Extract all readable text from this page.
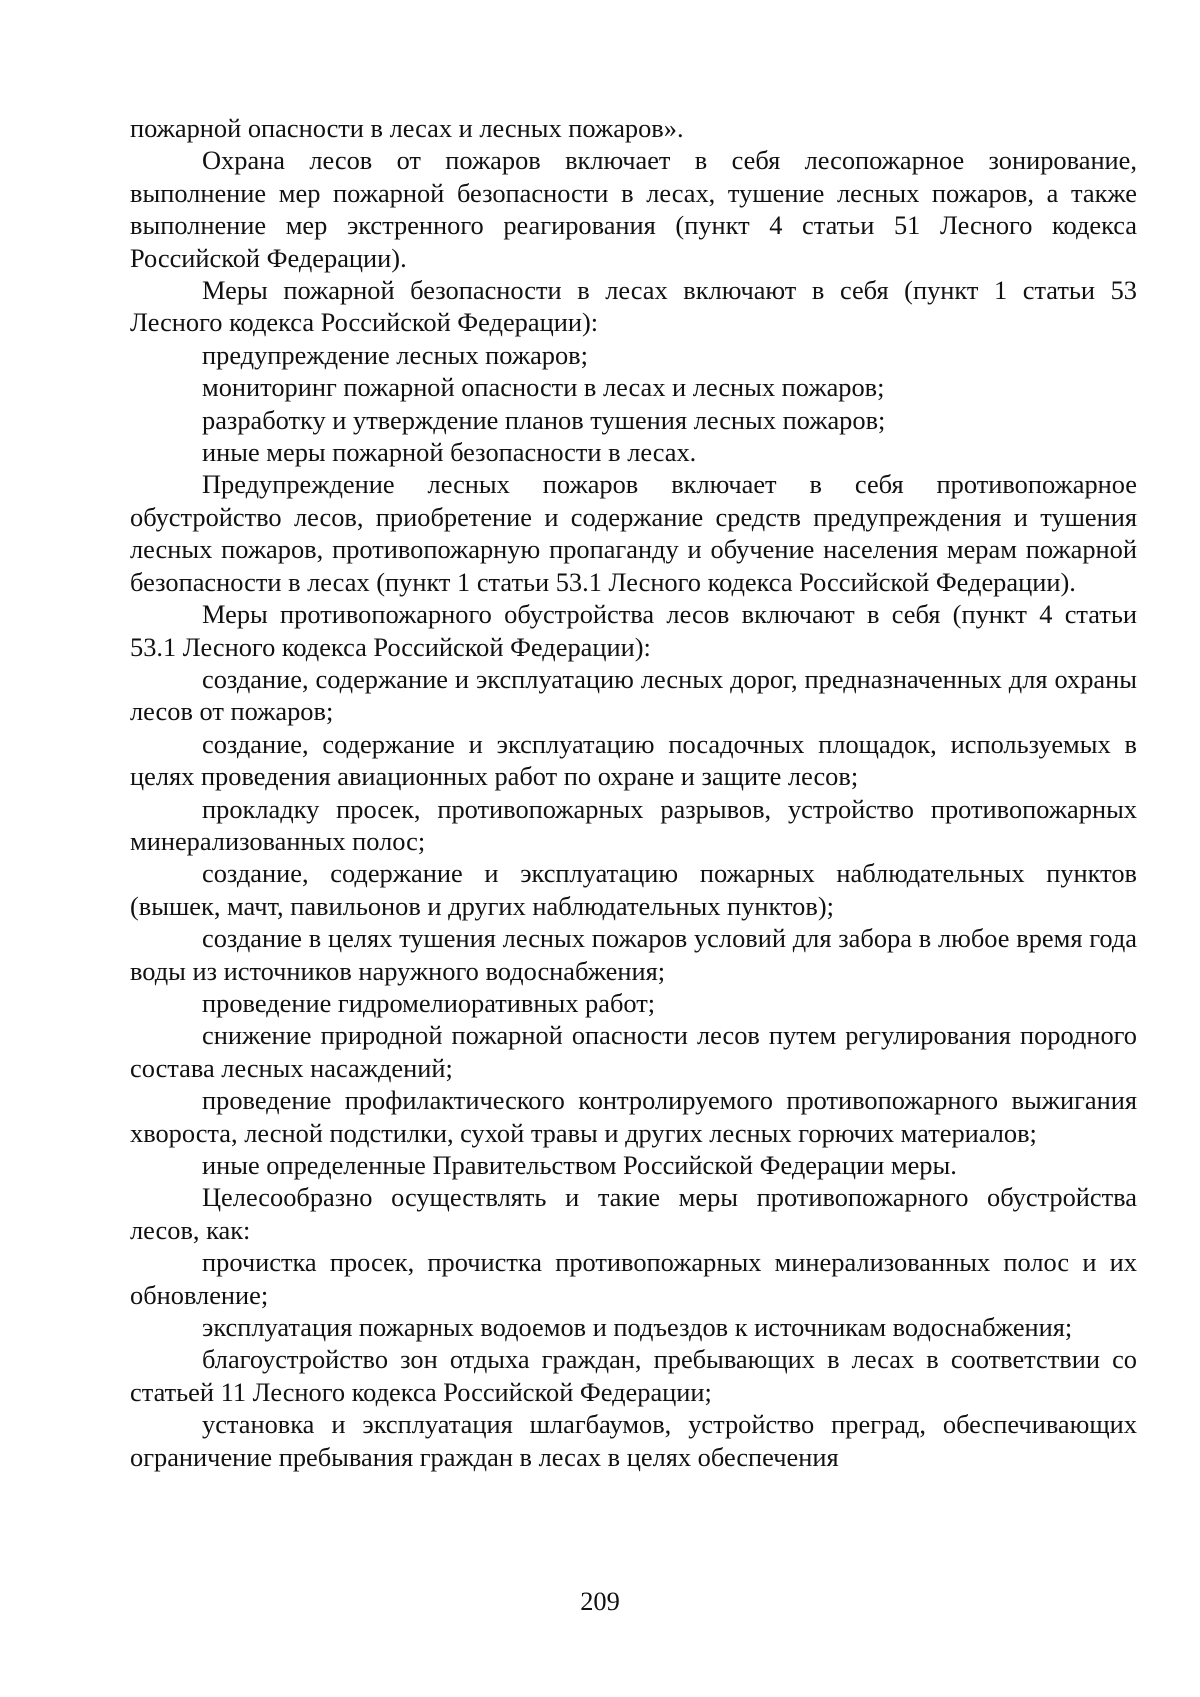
пожарной опасности в лесах и лесных пожаров».

Охрана лесов от пожаров включает в себя лесопожарное зонирование, выполнение мер пожарной безопасности в лесах, тушение лесных пожаров, а также выполнение мер экстренного реагирования (пункт 4 статьи 51 Лесного кодекса Российской Федерации).

Меры пожарной безопасности в лесах включают в себя (пункт 1 статьи 53 Лесного кодекса Российской Федерации):

предупреждение лесных пожаров;

мониторинг пожарной опасности в лесах и лесных пожаров;

разработку и утверждение планов тушения лесных пожаров;

иные меры пожарной безопасности в лесах.

Предупреждение лесных пожаров включает в себя противопожарное обустройство лесов, приобретение и содержание средств предупреждения и тушения лесных пожаров, противопожарную пропаганду и обучение населения мерам пожарной безопасности в лесах (пункт 1 статьи 53.1 Лесного кодекса Российской Федерации).

Меры противопожарного обустройства лесов включают в себя (пункт 4 статьи 53.1 Лесного кодекса Российской Федерации):

создание, содержание и эксплуатацию лесных дорог, предназначенных для охраны лесов от пожаров;

создание, содержание и эксплуатацию посадочных площадок, используемых в целях проведения авиационных работ по охране и защите лесов;

прокладку просек, противопожарных разрывов, устройство противопожарных минерализованных полос;

создание, содержание и эксплуатацию пожарных наблюдательных пунктов (вышек, мачт, павильонов и других наблюдательных пунктов);

создание в целях тушения лесных пожаров условий для забора в любое время года воды из источников наружного водоснабжения;

проведение гидромелиоративных работ;

снижение природной пожарной опасности лесов путем регулирования породного состава лесных насаждений;

проведение профилактического контролируемого противопожарного выжигания хвороста, лесной подстилки, сухой травы и других лесных горючих материалов;

иные определенные Правительством Российской Федерации меры.

Целесообразно осуществлять и такие меры противопожарного обустройства лесов, как:

прочистка просек, прочистка противопожарных минерализованных полос и их обновление;

эксплуатация пожарных водоемов и подъездов к источникам водоснабжения;

благоустройство зон отдыха граждан, пребывающих в лесах в соответствии со статьей 11 Лесного кодекса Российской Федерации;

установка и эксплуатация шлагбаумов, устройство преград, обеспечивающих ограничение пребывания граждан в лесах в целях обеспечения

209
